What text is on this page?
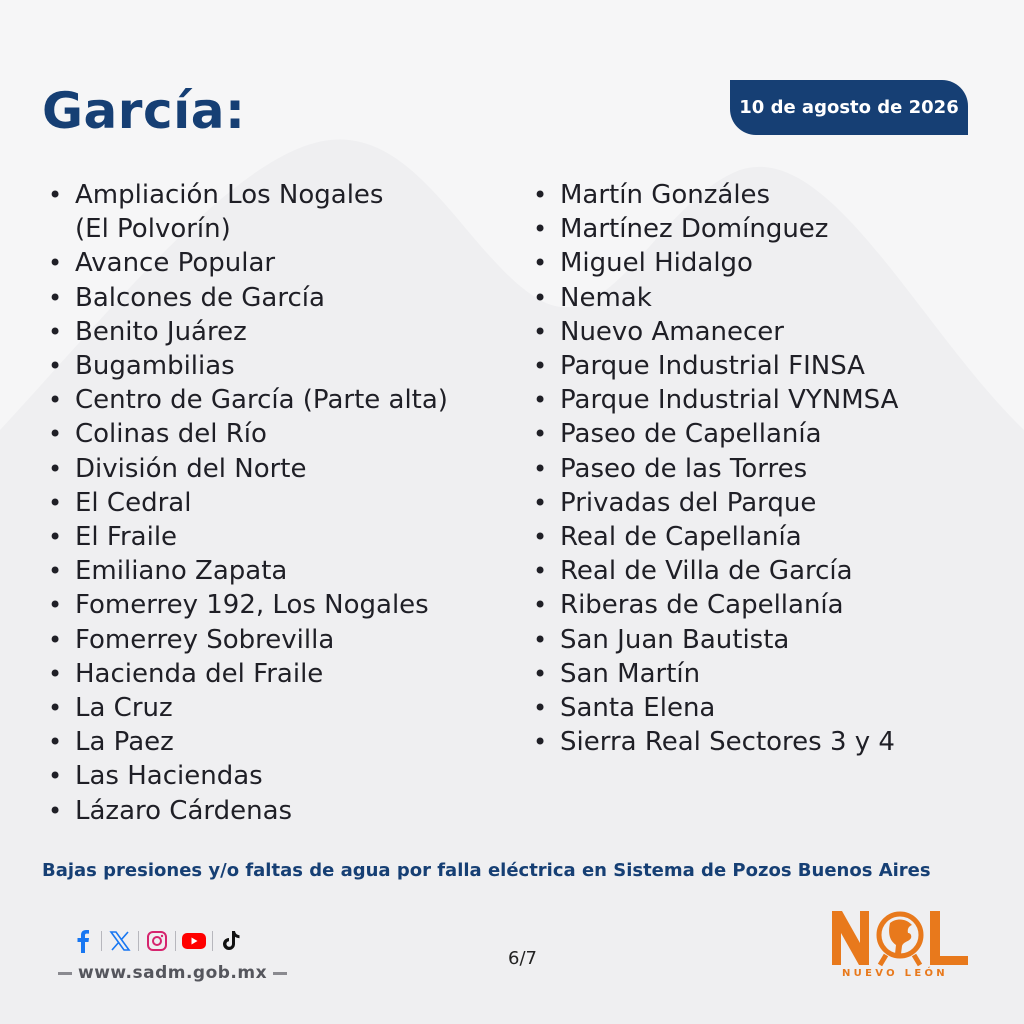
García:	10 de agosto de 2026
• Ampliación Los Nogales
(El Polvorín)
• Avance Popular
• Balcones de García
• Benito Juárez
• Bugambilias
• Centro de García (Parte alta)
• Colinas del Río
• División del Norte
• El Cedral
• El Fraile
• Emiliano Zapata
• Fomerrey 192, Los Nogales
• Fomerrey Sobrevilla
• Hacienda del Fraile
• La Cruz
• La Paez
• Las Haciendas
• Lázaro Cárdenas
• Martín Gonzáles
• Martínez Domínguez
• Miguel Hidalgo
• Nemak
• Nuevo Amanecer
• Parque Industrial FINSA
• Parque Industrial VYNMSA
• Paseo de Capellanía
• Paseo de las Torres
• Privadas del Parque
• Real de Capellanía
• Real de Villa de García
• Riberas de Capellanía
• San Juan Bautista
• San Martín
• Santa Elena
• Sierra Real Sectores 3 y 4
Bajas presiones y/o faltas de agua por falla eléctrica en Sistema de Pozos Buenos Aires
www.sadm.gob.mx
6/7
NUEVO LEÓN
